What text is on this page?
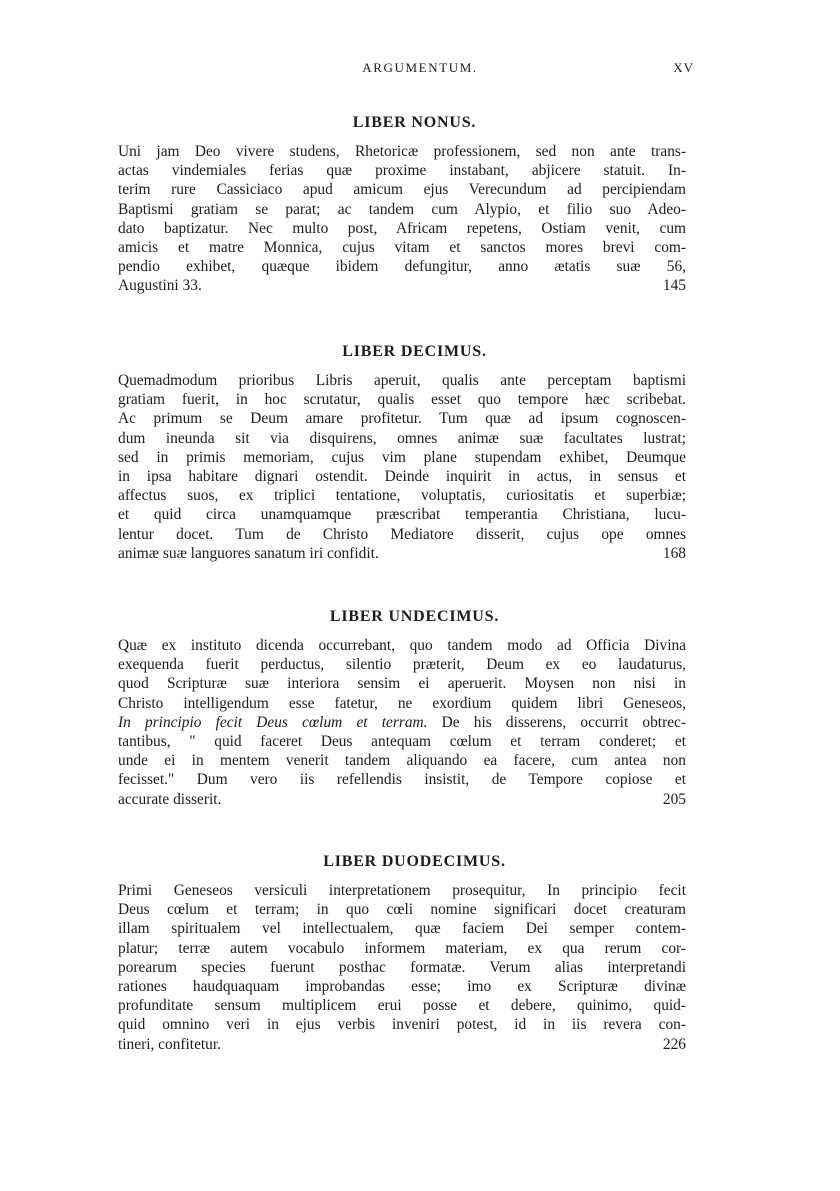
ARGUMENTUM.	XV
LIBER NONUS.
Uni jam Deo vivere studens, Rhetoricæ professionem, sed non ante trans-
actas vindemiales ferias quæ proxime instabant, abjicere statuit. In-
terim rure Cassiciaco apud amicum ejus Verecundum ad percipiendam
Baptismi gratiam se parat; ac tandem cum Alypio, et filio suo Adeo-
dato baptizatur. Nec multo post, Africam repetens, Ostiam venit, cum
amicis et matre Monnica, cujus vitam et sanctos mores brevi com-
pendio exhibet, quæque ibidem defungitur, anno ætatis suæ 56,
Augustini 33.	145
LIBER DECIMUS.
Quemadmodum prioribus Libris aperuit, qualis ante perceptam baptismi
gratiam fuerit, in hoc scrutatur, qualis esset quo tempore hæc scribebat.
Ac primum se Deum amare profitetur. Tum quæ ad ipsum cognoscen-
dum ineunda sit via disquirens, omnes animæ suæ facultates lustrat;
sed in primis memoriam, cujus vim plane stupendam exhibet, Deumque
in ipsa habitare dignari ostendit. Deinde inquirit in actus, in sensus et
affectus suos, ex triplici tentatione, voluptatis, curiositatis et superbiæ;
et quid circa unamquamque præscribat temperantia Christiana, lucu-
lentur docet. Tum de Christo Mediatore disserit, cujus ope omnes
animæ suæ languores sanatum iri confidit.	168
LIBER UNDECIMUS.
Quæ ex instituto dicenda occurrebant, quo tandem modo ad Officia Divina
exequenda fuerit perductus, silentio præterit, Deum ex eo laudaturus,
quod Scripturæ suæ interiora sensim ei aperuerit. Moysen non nisi in
Christo intelligendum esse fatetur, ne exordium quidem libri Geneseos,
In principio fecit Deus cœlum et terram. De his disserens, occurrit obtrec-
tantibus, " quid faceret Deus antequam cœlum et terram conderet; et
unde ei in mentem venerit tandem aliquando ea facere, cum antea non
fecisset." Dum vero iis refellendis insistit, de Tempore copiose et
accurate disserit.	205
LIBER DUODECIMUS.
Primi Geneseos versiculi interpretationem prosequitur, In principio fecit
Deus cœlum et terram; in quo cœli nomine significari docet creaturam
illam spiritualem vel intellectualem, quæ faciem Dei semper contem-
platur; terræ autem vocabulo informem materiam, ex qua rerum cor-
porearum species fuerunt posthac formatæ. Verum alias interpretandi
rationes haudquaquam improbandas esse; imo ex Scripturæ divinæ
profunditate sensum multiplicem erui posse et debere, quinimo, quid-
quid omnino veri in ejus verbis inveniri potest, id in iis revera con-
tineri, confitetur.	226
